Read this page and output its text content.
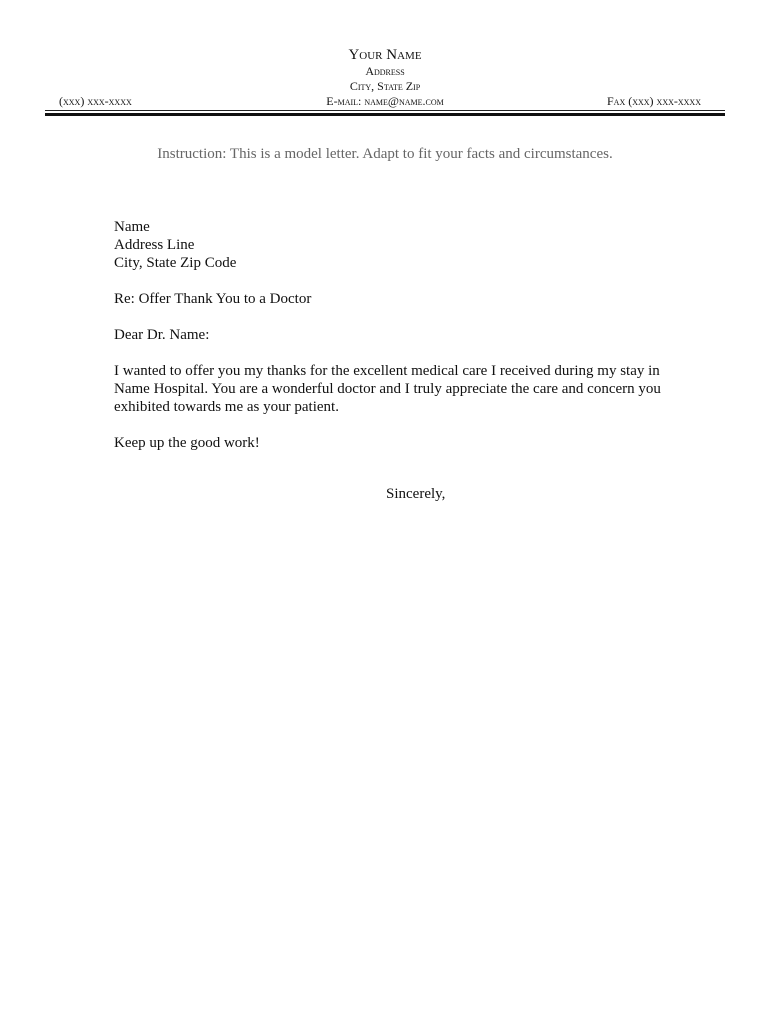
Your Name
Address
City, State Zip
(xxx) xxx-xxxx	E-mail: name@name.com	Fax (xxx) xxx-xxxx
Instruction: This is a model letter. Adapt to fit your facts and circumstances.
Name
Address Line
City, State Zip Code
Re: Offer Thank You to a Doctor
Dear Dr. Name:
I wanted to offer you my thanks for the excellent medical care I received during my stay in
Name Hospital. You are a wonderful doctor and I truly appreciate the care and concern you
exhibited towards me as your patient.
Keep up the good work!
Sincerely,
